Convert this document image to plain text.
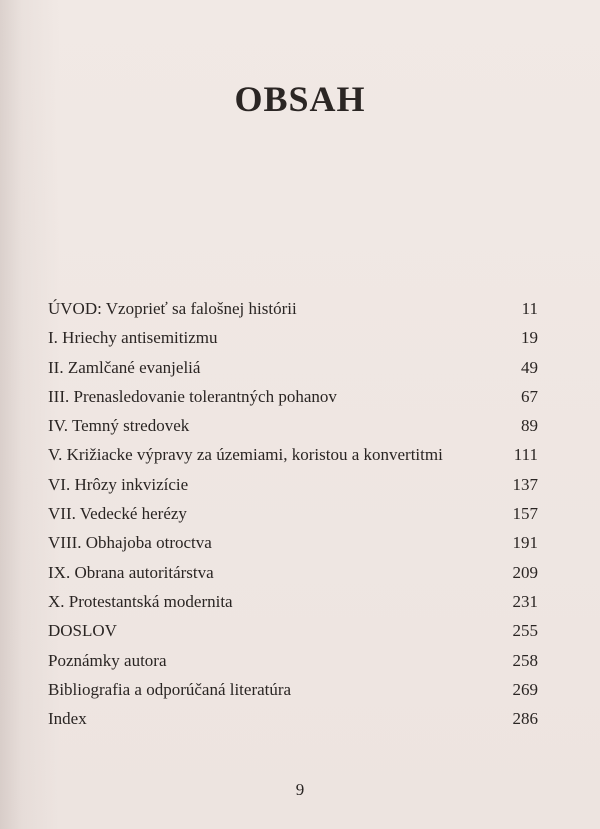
OBSAH
ÚVOD: Vzoprieť sa falošnej histórii	11
I. Hriechy antisemitizmu	19
II. Zamlčané evanjeliá	49
III. Prenasledovanie tolerantných pohanov	67
IV. Temný stredovek	89
V. Križiacke výpravy za územiami, koristou a konvertitmi	111
VI. Hrôzy inkvizície	137
VII. Vedecké herézy	157
VIII. Obhajoba otroctva	191
IX. Obrana autoritárstva	209
X. Protestantská modernita	231
DOSLOV	255
Poznámky autora	258
Bibliografia a odporúčaná literatúra	269
Index	286
9
